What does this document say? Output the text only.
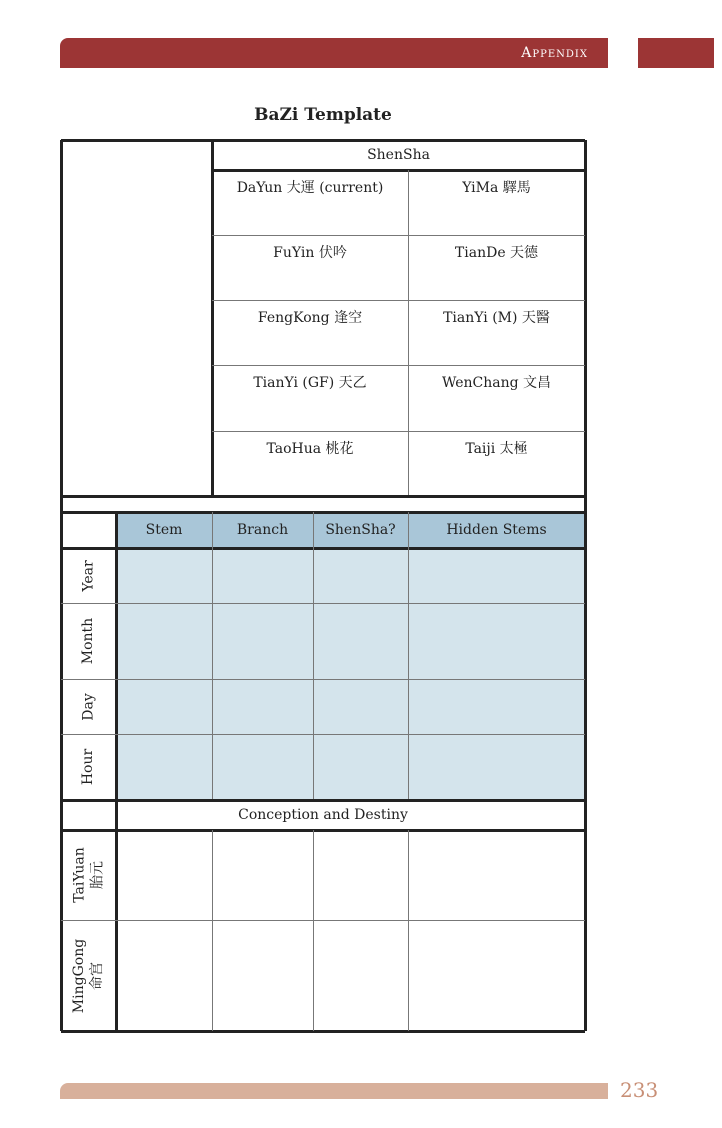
Appendix
BaZi Template
ShenSha
DaYun 大運 (current)	YiMa 驛馬
FuYin 伏吟	TianDe 天德
FengKong 逢空	TianYi (M) 天醫
TianYi (GF) 天乙	WenChang 文昌
TaoHua 桃花	Taiji 太極
Stem	Branch	ShenSha?	Hidden Stems
Year
Month
Day
Hour
Conception and Destiny
TaiYuan 胎元
MingGong 命宫
233
